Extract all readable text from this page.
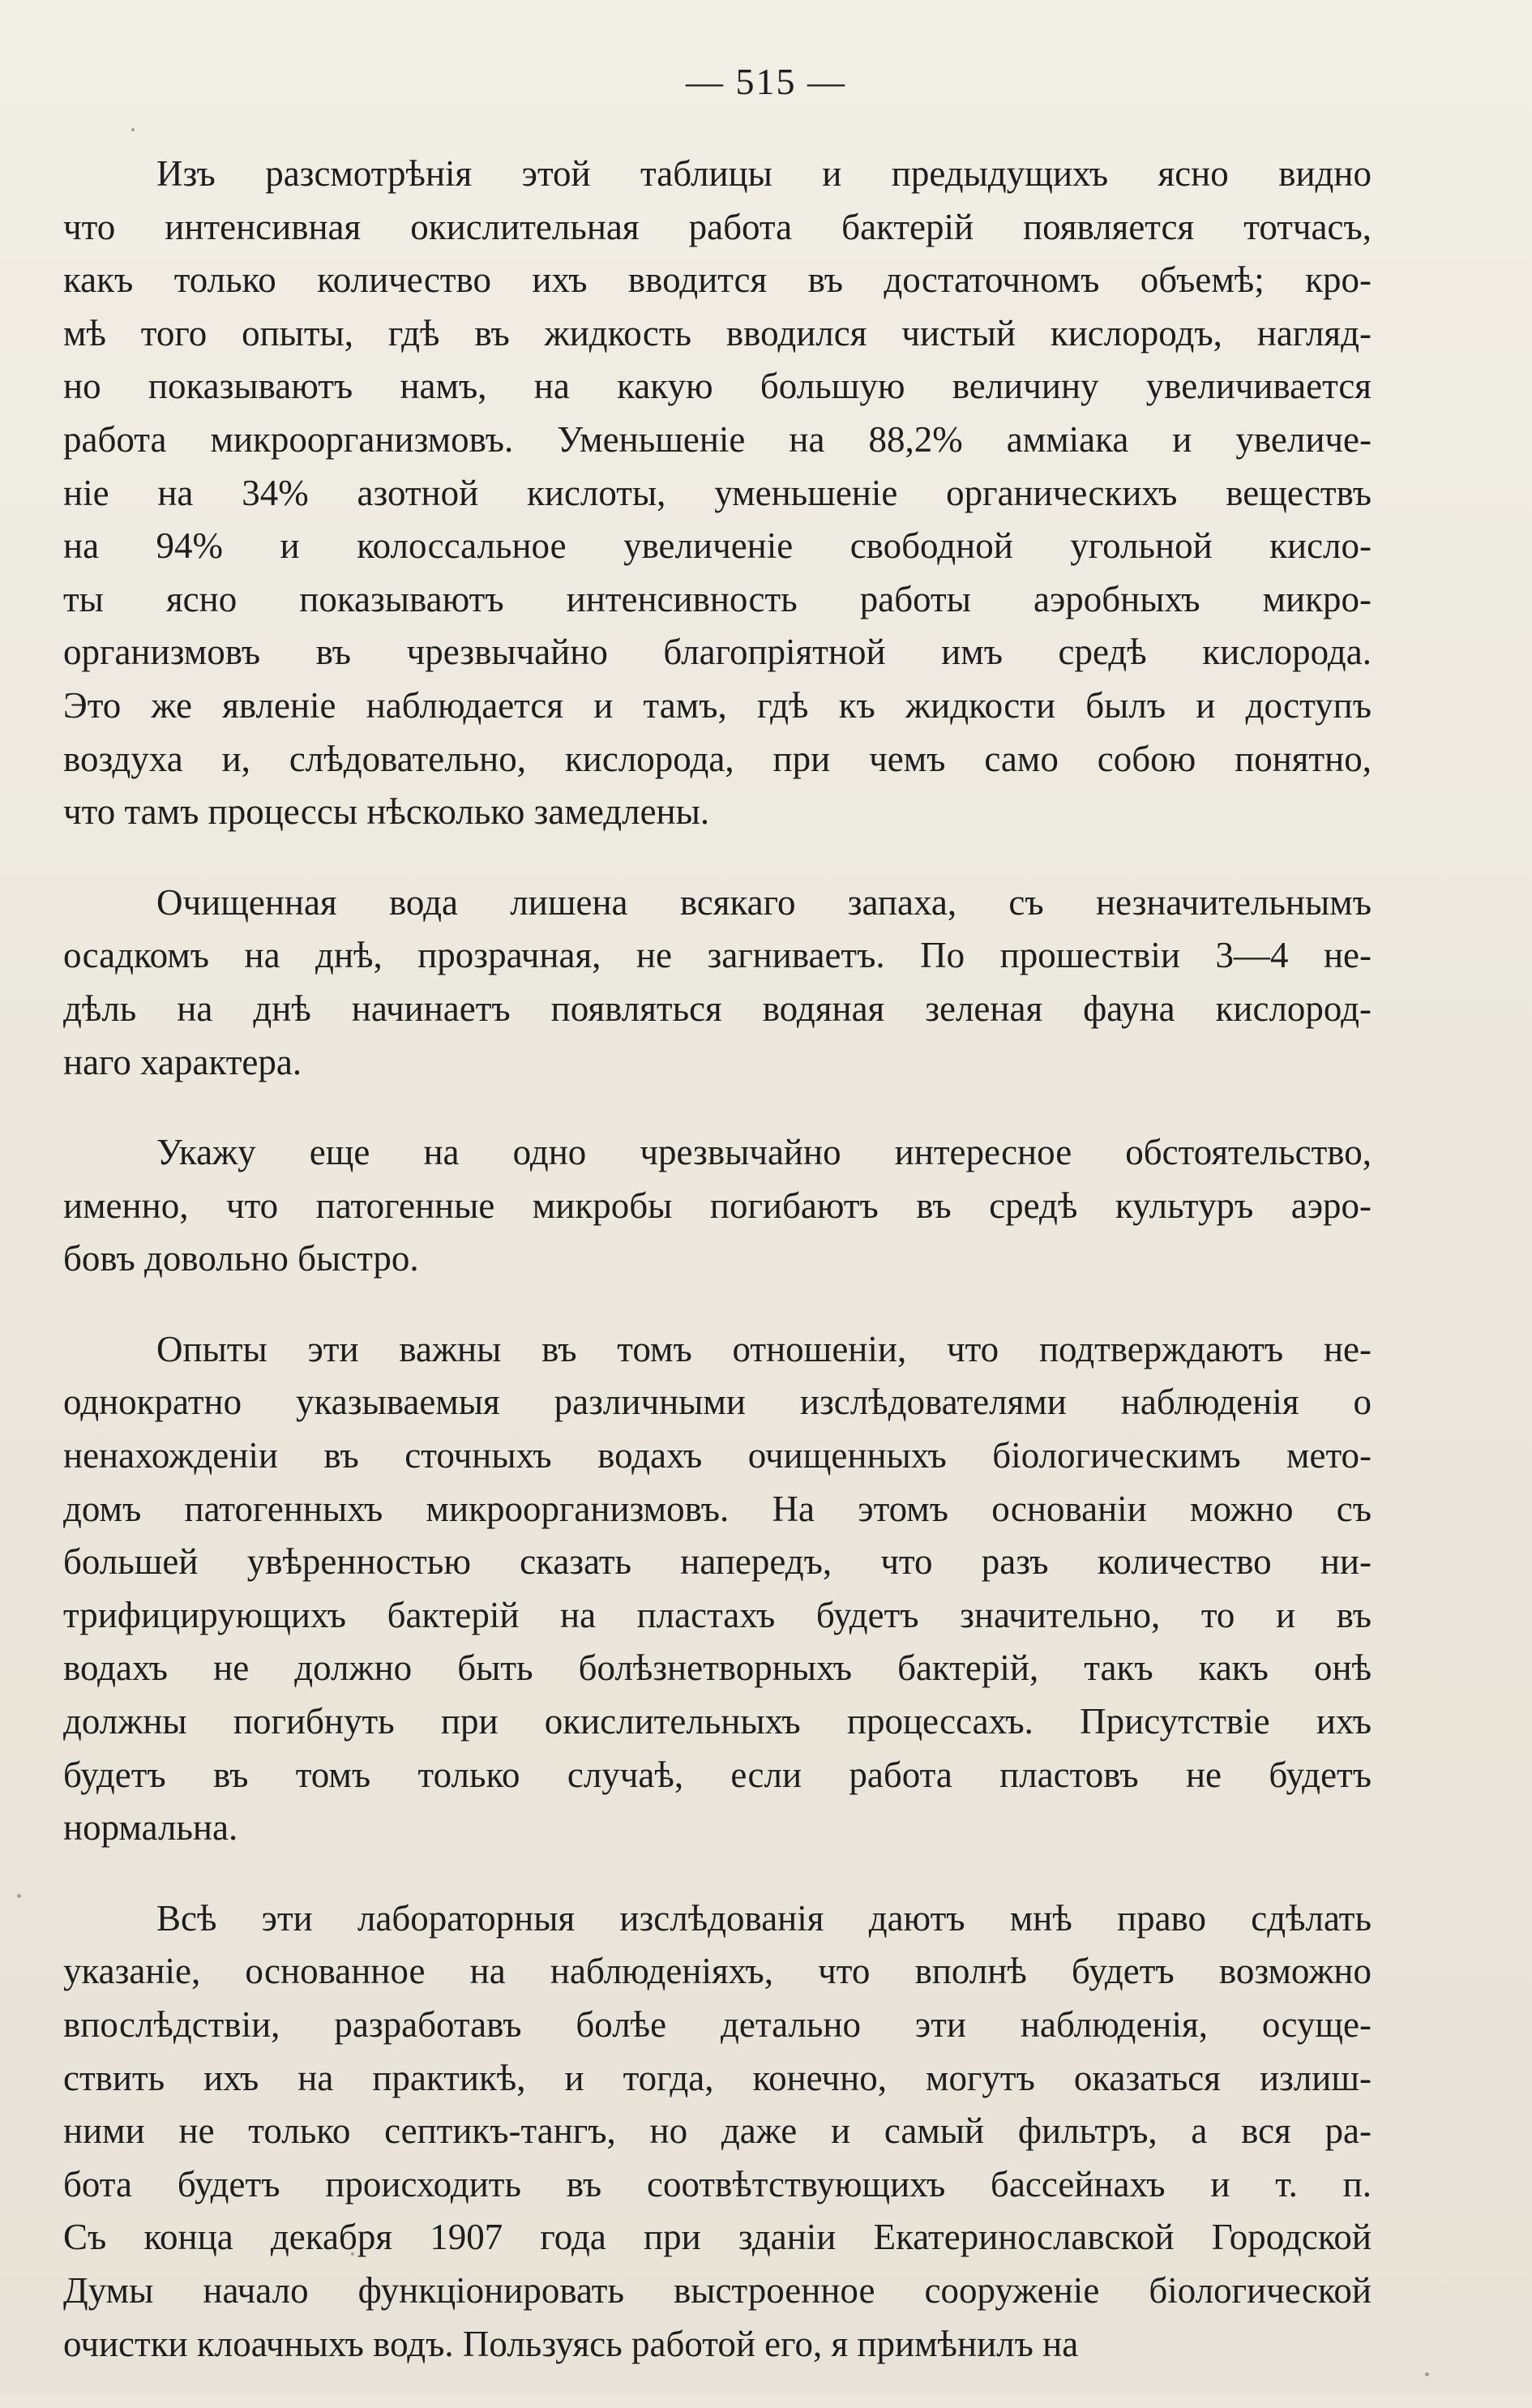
— 515 —
Изъ разсмотрѣнія этой таблицы и предыдущихъ ясно видно
что интенсивная окислительная работа бактерій появляется тотчасъ,
какъ только количество ихъ вводится въ достаточномъ объемѣ; кро-
мѣ того опыты, гдѣ въ жидкость вводился чистый кислородъ, нагляд-
но показываютъ намъ, на какую большую величину увеличивается
работа микроорганизмовъ. Уменьшеніе на 88,2% амміака и увеличе-
ніе на 34% азотной кислоты, уменьшеніе органическихъ веществъ
на 94% и колоссальное увеличеніе свободной угольной кисло-
ты ясно показываютъ интенсивность работы аэробныхъ микро-
организмовъ въ чрезвычайно благопріятной имъ средѣ кислорода.
Это же явленіе наблюдается и тамъ, гдѣ къ жидкости былъ и доступъ
воздуха и, слѣдовательно, кислорода, при чемъ само собою понятно,
что тамъ процессы нѣсколько замедлены.
Очищенная вода лишена всякаго запаха, съ незначительнымъ
осадкомъ на днѣ, прозрачная, не загниваетъ. По прошествіи 3—4 не-
дѣль на днѣ начинаетъ появляться водяная зеленая фауна кислород-
наго характера.
Укажу еще на одно чрезвычайно интересное обстоятельство,
именно, что патогенные микробы погибаютъ въ средѣ культуръ аэро-
бовъ довольно быстро.
Опыты эти важны въ томъ отношеніи, что подтверждаютъ не-
однократно указываемыя различными изслѣдователями наблюденія о
ненахожденіи въ сточныхъ водахъ очищенныхъ біологическимъ мето-
домъ патогенныхъ микроорганизмовъ. На этомъ основаніи можно съ
большей увѣренностью сказать напередъ, что разъ количество ни-
трифицирующихъ бактерій на пластахъ будетъ значительно, то и въ
водахъ не должно быть болѣзнетворныхъ бактерій, такъ какъ онѣ
должны погибнуть при окислительныхъ процессахъ. Присутствіе ихъ
будетъ въ томъ только случаѣ, если работа пластовъ не будетъ
нормальна.
Всѣ эти лабораторныя изслѣдованія даютъ мнѣ право сдѣлать
указаніе, основанное на наблюденіяхъ, что вполнѣ будетъ возможно
впослѣдствіи, разработавъ болѣе детально эти наблюденія, осуще-
ствить ихъ на практикѣ, и тогда, конечно, могутъ оказаться излиш-
ними не только септикъ-тангъ, но даже и самый фильтръ, а вся ра-
бота будетъ происходить въ соотвѣтствующихъ бассейнахъ и т. п.
Съ конца декабря 1907 года при зданіи Екатеринославской Городской
Думы начало функціонировать выстроенное сооруженіе біологической
очистки клоачныхъ водъ. Пользуясь работой его, я примѣнилъ на
